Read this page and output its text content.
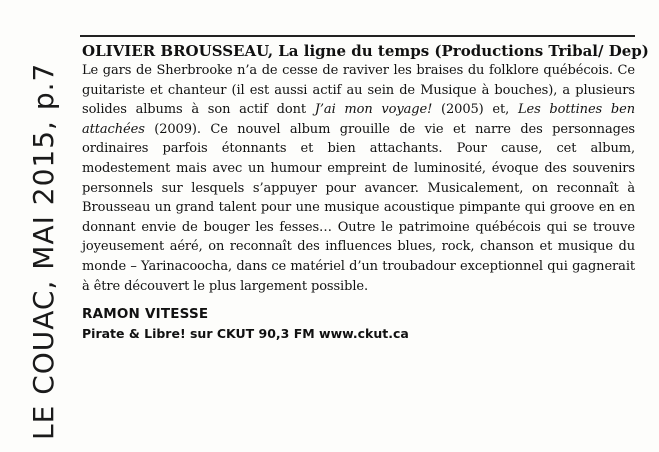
LE COUAC, MAI 2015, p.7

OLIVIER BROUSSEAU, La ligne du temps (Productions Tribal/ Dep)

Le gars de Sherbrooke n’a de cesse de raviver les braises du folklore québécois. Ce guitariste et chanteur (il est aussi actif au sein de Musique à bouches), a plusieurs solides albums à son actif dont J’ai mon voyage! (2005) et, Les bottines ben attachées (2009). Ce nouvel album grouille de vie et narre des personnages ordinaires parfois étonnants et bien attachants. Pour cause, cet album, modestement mais avec un humour empreint de luminosité, évoque des souvenirs personnels sur lesquels s’appuyer pour avancer. Musicalement, on reconnaît à Brousseau un grand talent pour une musique acoustique pimpante qui groove en en donnant envie de bouger les fesses… Outre le patrimoine québécois qui se trouve joyeusement aéré, on reconnaît des influences blues, rock, chanson et musique du monde – Yarinacoocha, dans ce matériel d’un troubadour exceptionnel qui gagnerait à être découvert le plus largement possible.

RAMON VITESSE
Pirate & Libre! sur CKUT 90,3 FM www.ckut.ca
